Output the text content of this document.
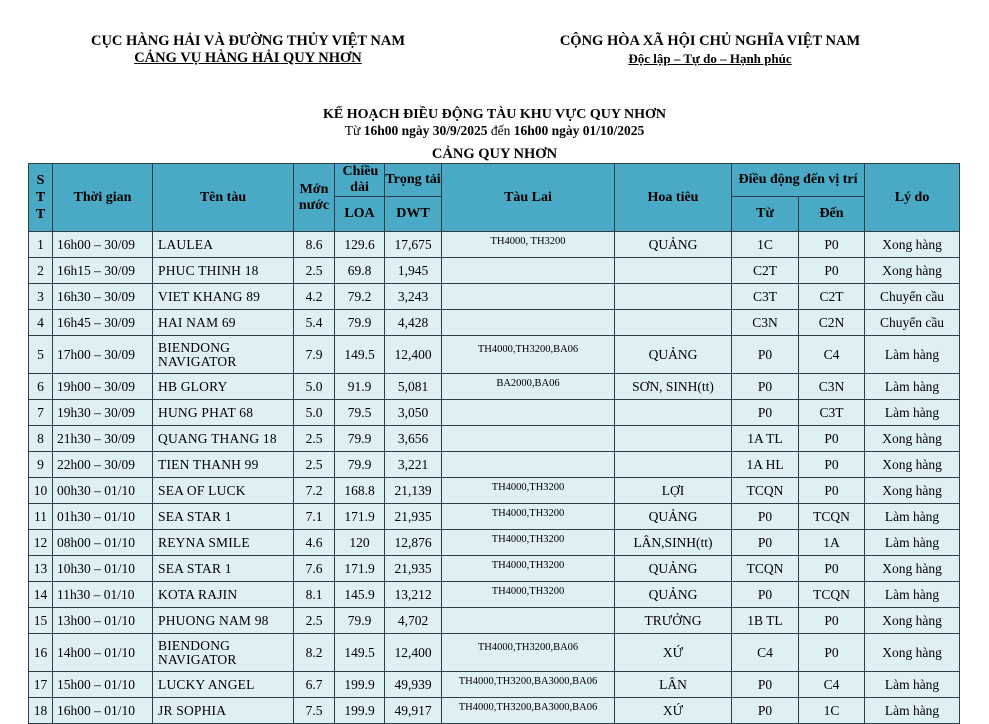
CỤC HÀNG HẢI VÀ ĐƯỜNG THỦY VIỆT NAM
CẢNG VỤ HÀNG HẢI QUY NHƠN
CỘNG HÒA XÃ HỘI CHỦ NGHĨA VIỆT NAM
Độc lập – Tự do – Hạnh phúc
KẾ HOẠCH ĐIỀU ĐỘNG TÀU KHU VỰC QUY NHƠN
Từ 16h00 ngày 30/9/2025 đến 16h00 ngày 01/10/2025
CẢNG QUY NHƠN
S T T	Thời gian	Tên tàu	Mớn nước	Chiều dài	Trọng tải	Tàu Lai	Hoa tiêu	Điều động đến vị trí		Lý do
				LOA	DWT			Từ	Đến	
1	16h00 – 30/09	LAULEA	8.6	129.6	17,675	TH4000, TH3200	QUẢNG	1C	P0	Xong hàng
2	16h15 – 30/09	PHUC THINH 18	2.5	69.8	1,945			C2T	P0	Xong hàng
3	16h30 – 30/09	VIET KHANG 89	4.2	79.2	3,243			C3T	C2T	Chuyển cầu
4	16h45 – 30/09	HAI NAM 69	5.4	79.9	4,428			C3N	C2N	Chuyển cầu
5	17h00 – 30/09	BIENDONG NAVIGATOR	7.9	149.5	12,400	TH4000,TH3200,BA06	QUẢNG	P0	C4	Làm hàng
6	19h00 – 30/09	HB GLORY	5.0	91.9	5,081	BA2000,BA06	SƠN, SINH(tt)	P0	C3N	Làm hàng
7	19h30 – 30/09	HUNG PHAT 68	5.0	79.5	3,050			P0	C3T	Làm hàng
8	21h30 – 30/09	QUANG THANG 18	2.5	79.9	3,656			1A TL	P0	Xong hàng
9	22h00 – 30/09	TIEN THANH 99	2.5	79.9	3,221			1A HL	P0	Xong hàng
10	00h30 – 01/10	SEA OF LUCK	7.2	168.8	21,139	TH4000,TH3200	LỢI	TCQN	P0	Xong hàng
11	01h30 – 01/10	SEA STAR 1	7.1	171.9	21,935	TH4000,TH3200	QUẢNG	P0	TCQN	Làm hàng
12	08h00 – 01/10	REYNA SMILE	4.6	120	12,876	TH4000,TH3200	LÂN,SINH(tt)	P0	1A	Làm hàng
13	10h30 – 01/10	SEA STAR 1	7.6	171.9	21,935	TH4000,TH3200	QUẢNG	TCQN	P0	Xong hàng
14	11h30 – 01/10	KOTA RAJIN	8.1	145.9	13,212	TH4000,TH3200	QUẢNG	P0	TCQN	Làm hàng
15	13h00 – 01/10	PHUONG NAM 98	2.5	79.9	4,702		TRƯỞNG	1B TL	P0	Xong hàng
16	14h00 – 01/10	BIENDONG NAVIGATOR	8.2	149.5	12,400	TH4000,TH3200,BA06	XỨ	C4	P0	Xong hàng
17	15h00 – 01/10	LUCKY ANGEL	6.7	199.9	49,939	TH4000,TH3200,BA3000,BA06	LÂN	P0	C4	Làm hàng
18	16h00 – 01/10	JR SOPHIA	7.5	199.9	49,917	TH4000,TH3200,BA3000,BA06	XỨ	P0	1C	Làm hàng
